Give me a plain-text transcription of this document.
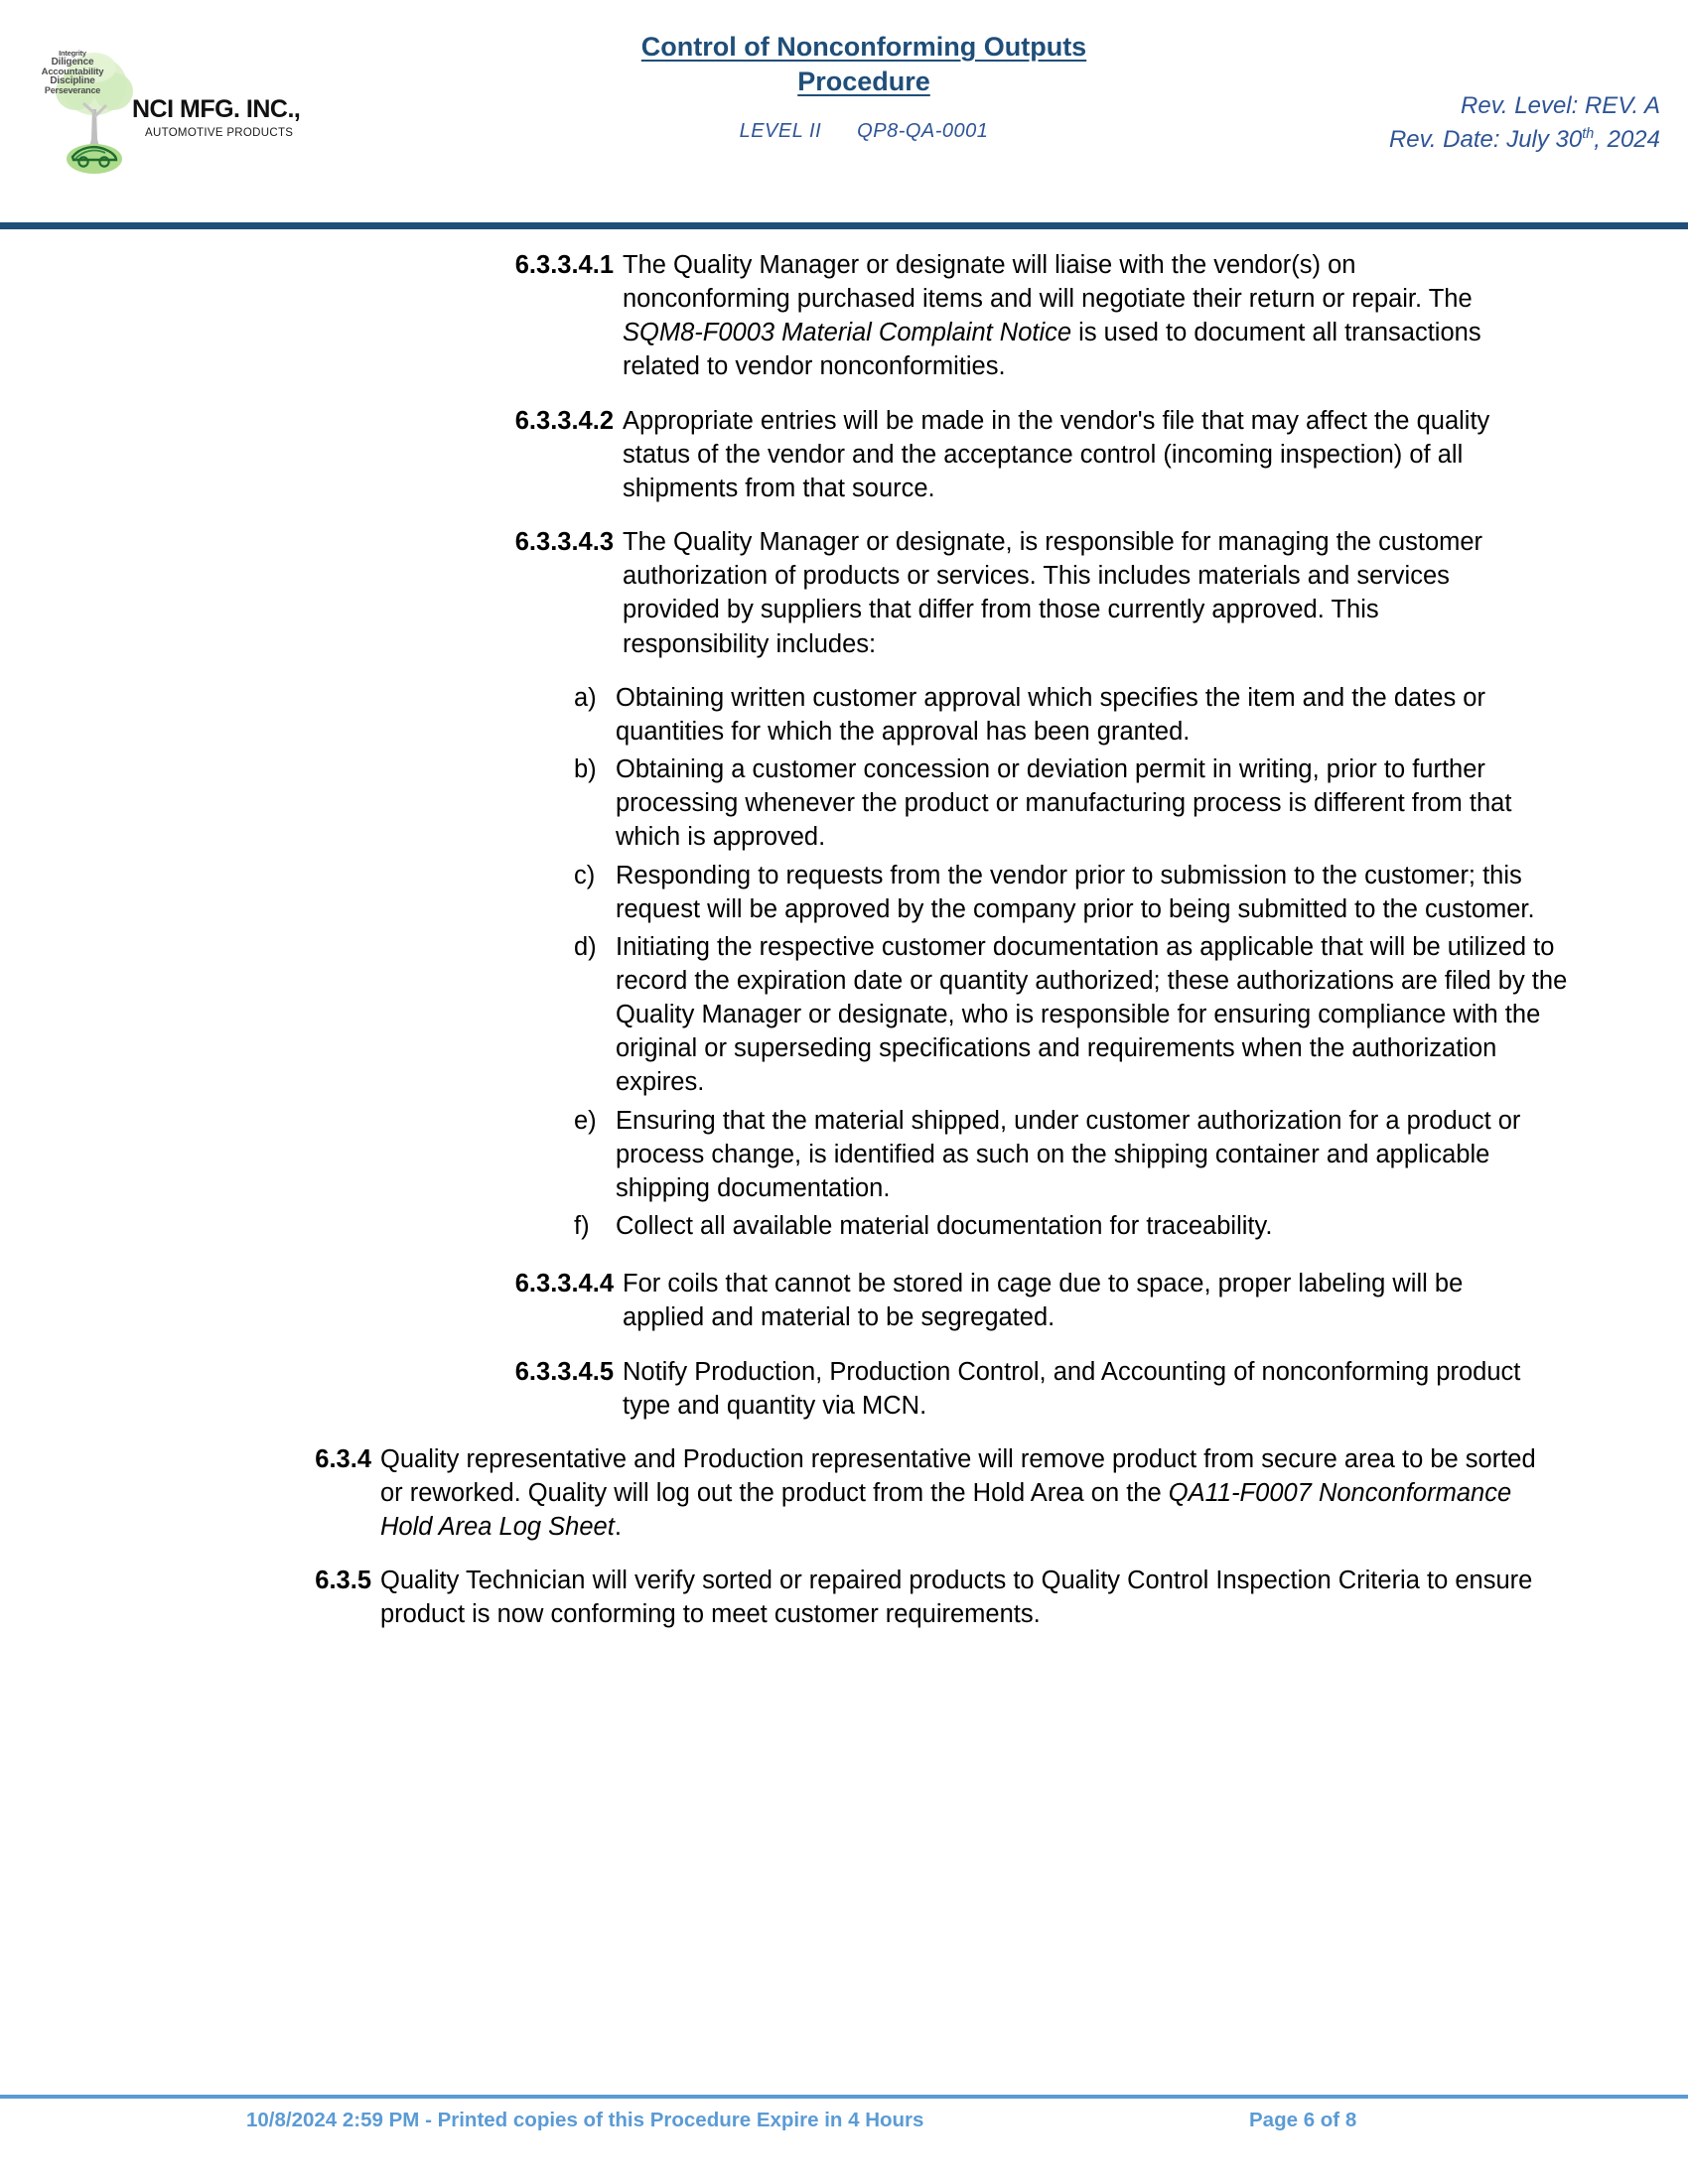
Integrity
Diligence
Accountability
Discipline
Perseverance
NCI MFG. INC.,
AUTOMOTIVE PRODUCTS
Control of Nonconforming Outputs
Procedure
LEVEL II QP8-QA-0001
Rev. Level: REV. A
Rev. Date: July 30th, 2024
6.3.3.4.1 The Quality Manager or designate will liaise with the vendor(s) on nonconforming purchased items and will negotiate their return or repair. The SQM8-F0003 Material Complaint Notice is used to document all transactions related to vendor nonconformities.
6.3.3.4.2 Appropriate entries will be made in the vendor's file that may affect the quality status of the vendor and the acceptance control (incoming inspection) of all shipments from that source.
6.3.3.4.3 The Quality Manager or designate, is responsible for managing the customer authorization of products or services. This includes materials and services provided by suppliers that differ from those currently approved. This responsibility includes:
a) Obtaining written customer approval which specifies the item and the dates or quantities for which the approval has been granted.
b) Obtaining a customer concession or deviation permit in writing, prior to further processing whenever the product or manufacturing process is different from that which is approved.
c) Responding to requests from the vendor prior to submission to the customer; this request will be approved by the company prior to being submitted to the customer.
d) Initiating the respective customer documentation as applicable that will be utilized to record the expiration date or quantity authorized; these authorizations are filed by the Quality Manager or designate, who is responsible for ensuring compliance with the original or superseding specifications and requirements when the authorization expires.
e) Ensuring that the material shipped, under customer authorization for a product or process change, is identified as such on the shipping container and applicable shipping documentation.
f)	Collect all available material documentation for traceability.
6.3.3.4.4 For coils that cannot be stored in cage due to space, proper labeling will be applied and material to be segregated.
6.3.3.4.5 Notify Production, Production Control, and Accounting of nonconforming product type and quantity via MCN.
6.3.4 Quality representative and Production representative will remove product from secure area to be sorted or reworked. Quality will log out the product from the Hold Area on the QA11-F0007 Nonconformance Hold Area Log Sheet.
6.3.5 Quality Technician will verify sorted or repaired products to Quality Control Inspection Criteria to ensure product is now conforming to meet customer requirements.
10/8/2024 2:59 PM - Printed copies of this Procedure Expire in 4 Hours	Page 6 of 8
